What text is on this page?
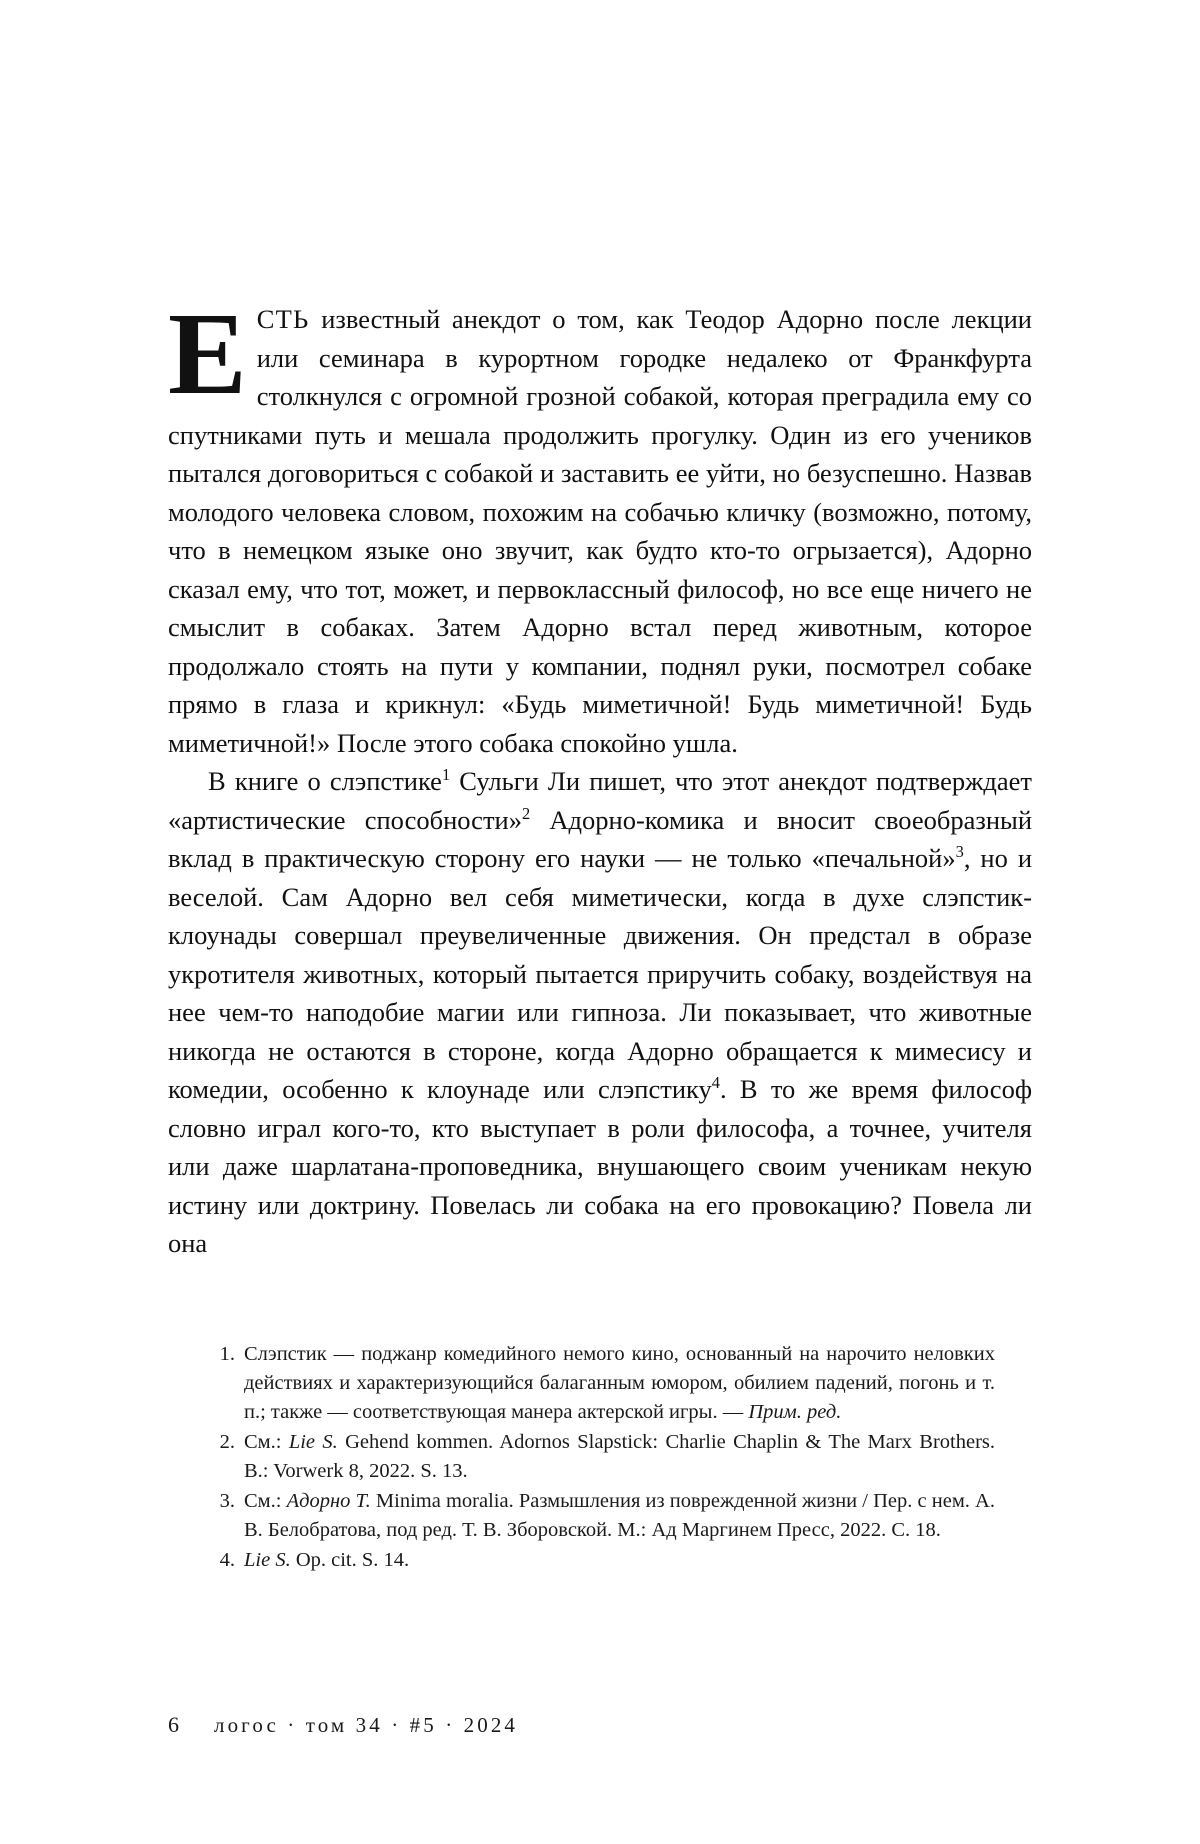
ЕСТЬ известный анекдот о том, как Теодор Адорно после лекции или семинара в курортном городке недалеко от Франкфурта столкнулся с огромной грозной собакой, которая преградила ему со спутниками путь и мешала продолжить прогулку. Один из его учеников пытался договориться с собакой и заставить ее уйти, но безуспешно. Назвав молодого человека словом, похожим на собачью кличку (возможно, потому, что в немецком языке оно звучит, как будто кто-то огрызается), Адорно сказал ему, что тот, может, и первоклассный философ, но все еще ничего не смыслит в собаках. Затем Адорно встал перед животным, которое продолжало стоять на пути у компании, поднял руки, посмотрел собаке прямо в глаза и крикнул: «Будь миметичной! Будь миметичной! Будь миметичной!» После этого собака спокойно ушла.

В книге о слэпстике$^1$ Сульги Ли пишет, что этот анекдот подтверждает «артистические способности»$^2$ Адорно-комика и вносит своеобразный вклад в практическую сторону его науки — не только «печальной»$^3$, но и веселой. Сам Адорно вел себя миметически, когда в духе слэпстик-клоунады совершал преувеличенные движения. Он предстал в образе укротителя животных, который пытается приручить собаку, воздействуя на нее чем-то наподобие магии или гипноза. Ли показывает, что животные никогда не остаются в стороне, когда Адорно обращается к мимесису и комедии, особенно к клоунаде или слэпстику$^4$. В то же время философ словно играл кого-то, кто выступает в роли философа, а точнее, учителя или даже шарлатана-проповедника, внушающего своим ученикам некую истину или доктрину. Повелась ли собака на его провокацию? Повела ли она

1. Слэпстик — поджанр комедийного немого кино, основанный на нарочито неловких действиях и характеризующийся балаганным юмором, обилием падений, погонь и т. п.; также — соответствующая манера актерской игры. — Прим. ред.
2. См.: Lie S. Gehend kommen. Adornos Slapstick: Charlie Chaplin & The Marx Brothers. B.: Vorwerk 8, 2022. S. 13.
3. См.: Адорно Т. Minima moralia. Размышления из поврежденной жизни / Пер. с нем. А. В. Белобратова, под ред. Т. В. Зборовской. М.: Ад Маргинем Пресс, 2022. С. 18.
4. Lie S. Op. cit. S. 14.
6	логос · том 34 · #5 · 2024
